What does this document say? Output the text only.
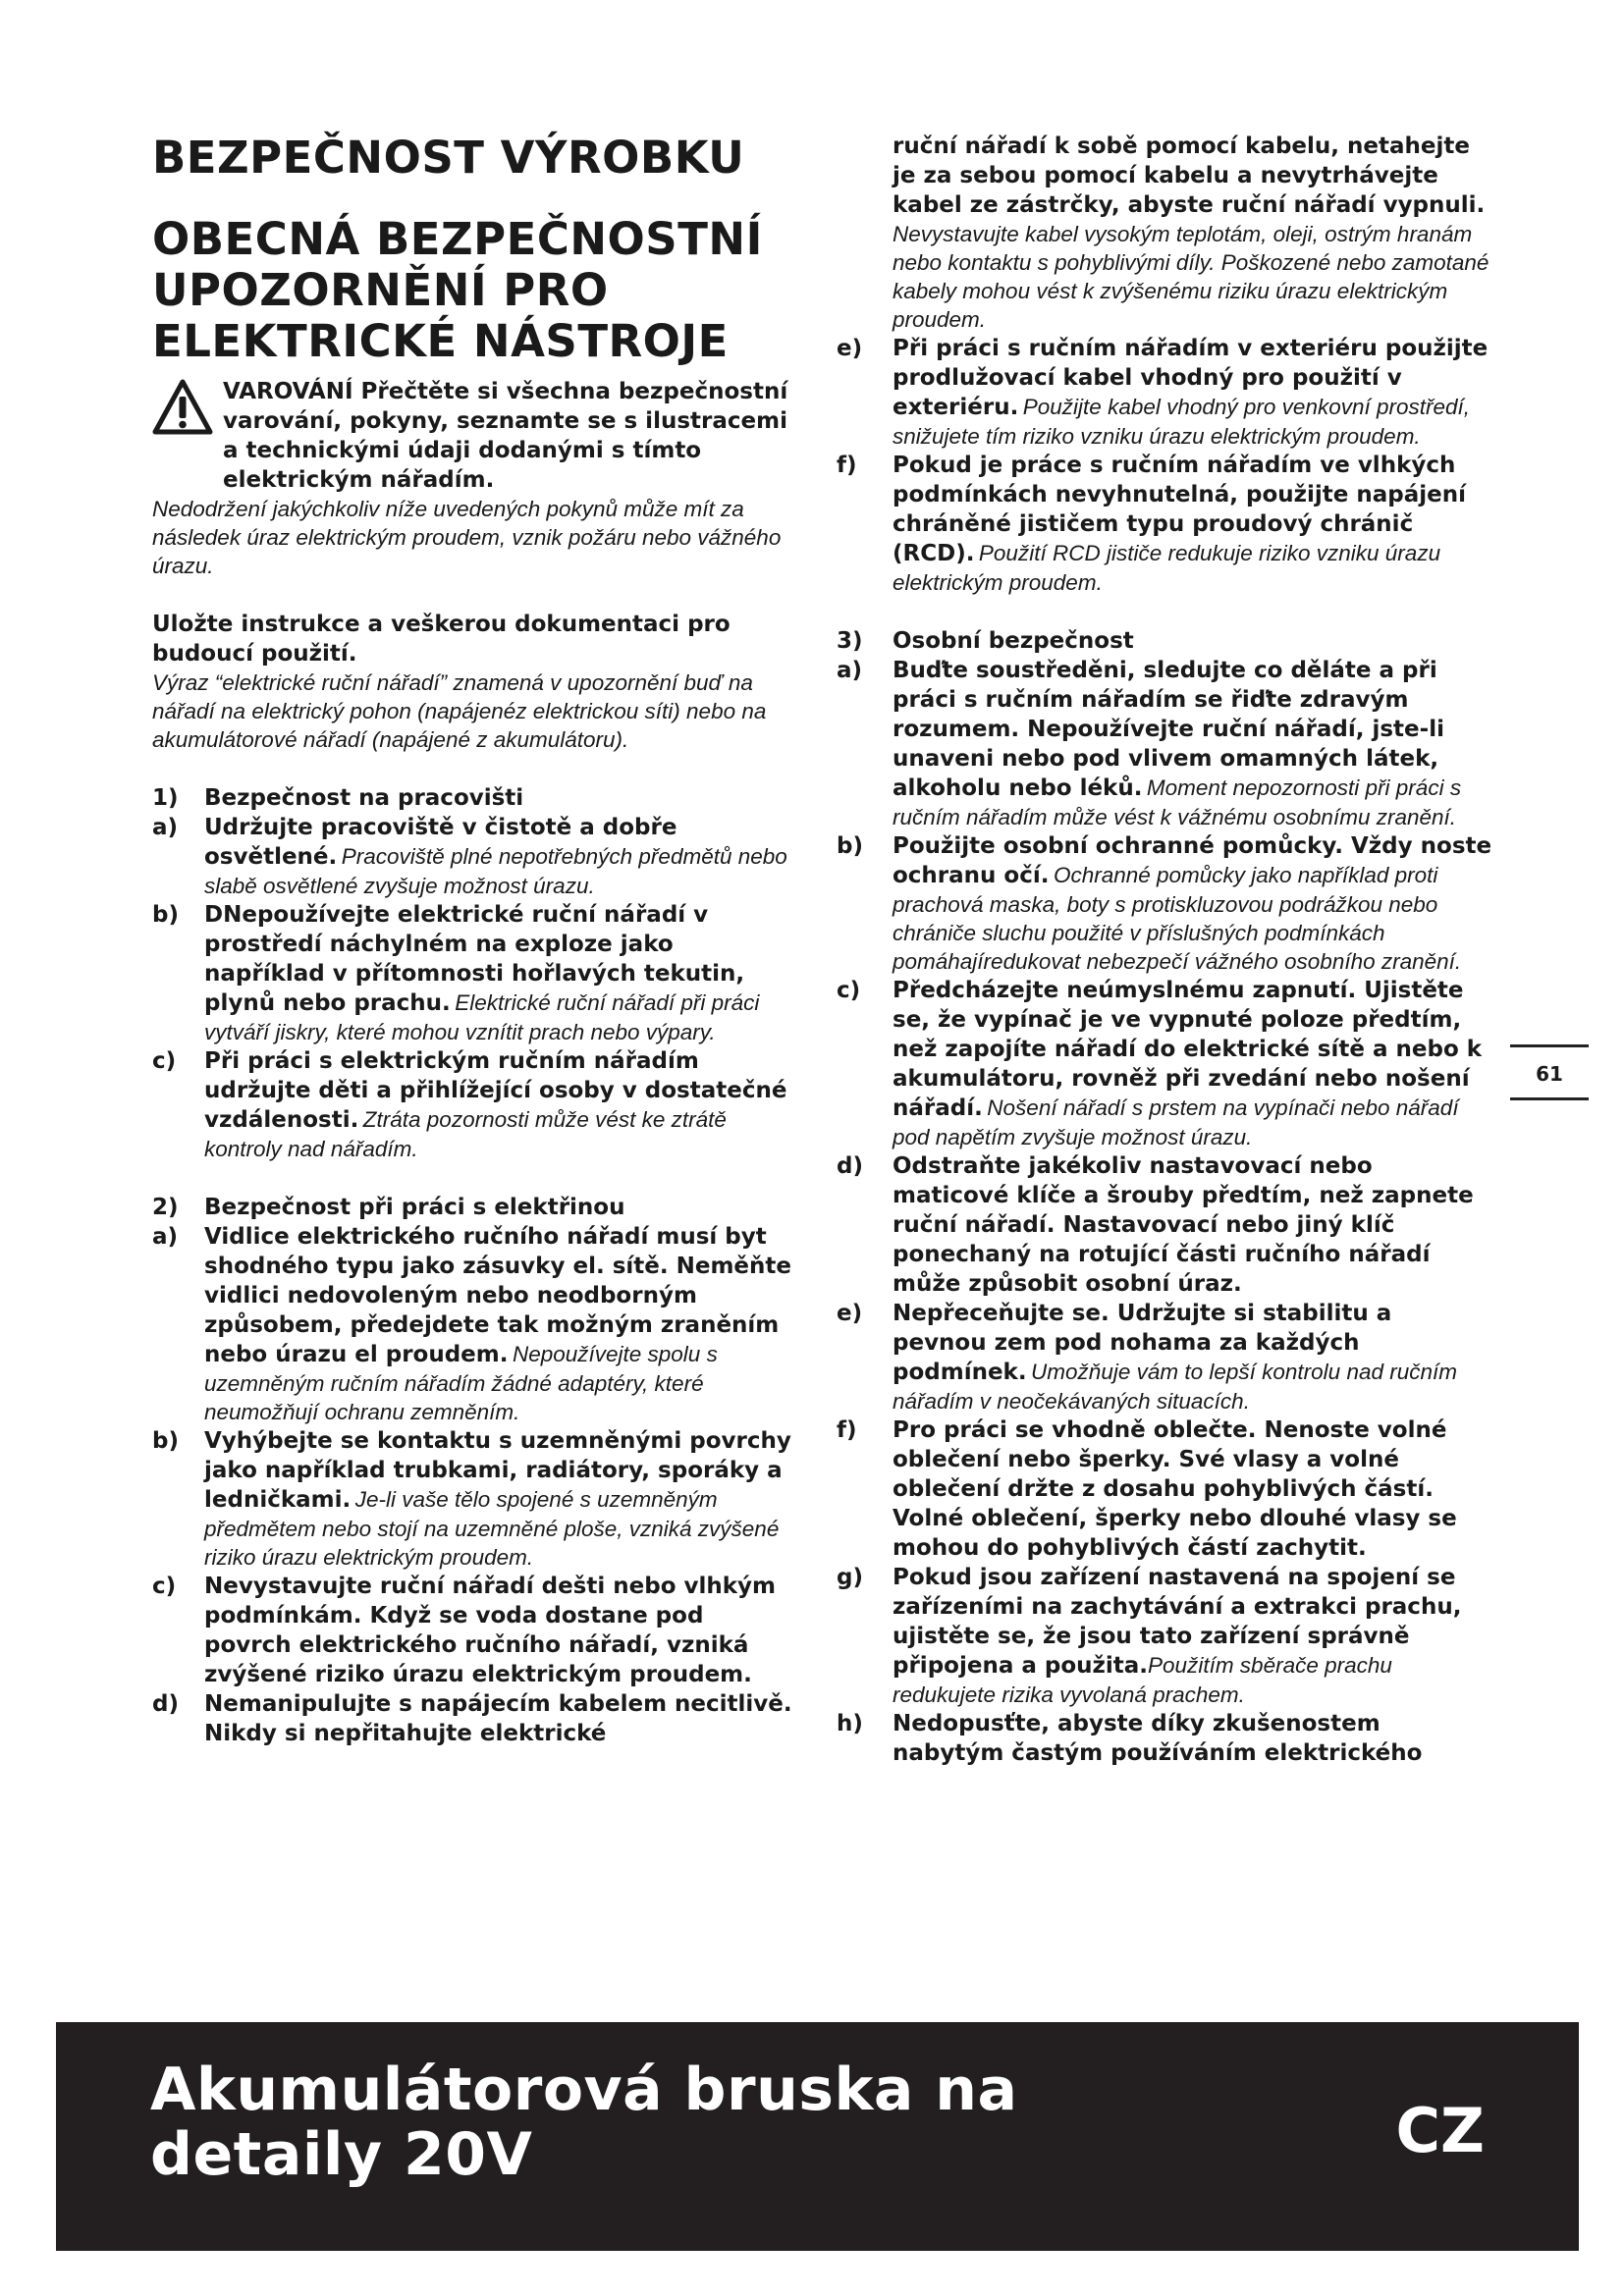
BEZPEČNOST VÝROBKU
OBECNÁ BEZPEČNOSTNÍ UPOZORNĚNÍ PRO ELEKTRICKÉ NÁSTROJE

VAROVÁNÍ Přečtěte si všechna bezpečnostní varování, pokyny, seznamte se s ilustracemi a technickými údaji dodanými s tímto elektrickým nářadím.

Nedodržení jakýchkoliv níže uvedených pokynů může mít za následek úraz elektrickým proudem, vznik požáru nebo vážného úrazu.

Uložte instrukce a veškerou dokumentaci pro budoucí použití.

Výraz “elektrické ruční nářadí” znamená v upozornění buď na nářadí na elektrický pohon (napájenéz elektrickou síti) nebo na akumulátorové nářadí (napájené z akumulátoru).

1) Bezpečnost na pracovišti
a) Udržujte pracoviště v čistotě a dobře osvětlené. Pracoviště plné nepotřebných předmětů nebo slabě osvětlené zvyšuje možnost úrazu.
b) DNepoužívejte elektrické ruční nářadí v prostředí náchylném na exploze jako například v přítomnosti hořlavých tekutin, plynů nebo prachu. Elektrické ruční nářadí při práci vytváří jiskry, které mohou vznítit prach nebo výpary.
c) Při práci s elektrickým ručním nářadím udržujte děti a přihlížející osoby v dostatečné vzdálenosti. Ztráta pozornosti může vést ke ztrátě kontroly nad nářadím.
2) Bezpečnost při práci s elektřinou
a) Vidlice elektrického ručního nářadí musí byt shodného typu jako zásuvky el. sítě. Neměňte vidlici nedovoleným nebo neodborným způsobem, předejdete tak možným zraněním nebo úrazu el proudem. Nepoužívejte spolu s uzemněným ručním nářadím žádné adaptéry, které neumožňují ochranu zemněním.
b) Vyhýbejte se kontaktu s uzemněnými povrchy jako například trubkami, radiátory, sporáky a ledničkami. Je-li vaše tělo spojené s uzemněným předmětem nebo stojí na uzemněné ploše, vzniká zvýšené riziko úrazu elektrickým proudem.
c) Nevystavujte ruční nářadí dešti nebo vlhkým podmínkám. Když se voda dostane pod povrch elektrického ručního nářadí, vzniká zvýšené riziko úrazu elektrickým proudem.
d) Nemanipulujte s napájecím kabelem necitlivě. Nikdy si nepřitahujte elektrické
ruční nářadí k sobě pomocí kabelu, netahejte je za sebou pomocí kabelu a nevytrhávejte kabel ze zástrčky, abyste ruční nářadí vypnuli. Nevystavujte kabel vysokým teplotám, oleji, ostrým hranám nebo kontaktu s pohyblivými díly. Poškozené nebo zamotané kabely mohou vést k zvýšenému riziku úrazu elektrickým proudem.
e) Při práci s ručním nářadím v exteriéru použijte prodlužovací kabel vhodný pro použití v exteriéru. Použijte kabel vhodný pro venkovní prostředí, snižujete tím riziko vzniku úrazu elektrickým proudem.
f) Pokud je práce s ručním nářadím ve vlhkých podmínkách nevyhnutelná, použijte napájení chráněné jističem typu proudový chránič (RCD). Použití RCD jističe redukuje riziko vzniku úrazu elektrickým proudem.
3) Osobní bezpečnost
a) Buďte soustředěni, sledujte co děláte a při práci s ručním nářadím se řiďte zdravým rozumem. Nepoužívejte ruční nářadí, jste-li unaveni nebo pod vlivem omamných látek, alkoholu nebo léků. Moment nepozornosti při práci s ručním nářadím může vést k vážnému osobnímu zranění.
b) Použijte osobní ochranné pomůcky. Vždy noste ochranu očí. Ochranné pomůcky jako například proti prachová maska, boty s protiskluzovou podrážkou nebo chrániče sluchu použité v příslušných podmínkách pomáhajíredukovat nebezpečí vážného osobního zranění.
c) Předcházejte neúmyslnému zapnutí. Ujistěte se, že vypínač je ve vypnuté poloze předtím, než zapojíte nářadí do elektrické sítě a nebo k akumulátoru, rovněž při zvedání nebo nošení nářadí. Nošení nářadí s prstem na vypínači nebo nářadí pod napětím zvyšuje možnost úrazu.
d) Odstraňte jakékoliv nastavovací nebo maticové klíče a šrouby předtím, než zapnete ruční nářadí. Nastavovací nebo jiný klíč ponechaný na rotující části ručního nářadí může způsobit osobní úraz.
e) Nepřeceňujte se. Udržujte si stabilitu a pevnou zem pod nohama za každých podmínek. Umožňuje vám to lepší kontrolu nad ručním nářadím v neočekávaných situacích.
f) Pro práci se vhodně oblečte. Nenoste volné oblečení nebo šperky. Své vlasy a volné oblečení držte z dosahu pohyblivých částí. Volné oblečení, šperky nebo dlouhé vlasy se mohou do pohyblivých částí zachytit.
g) Pokud jsou zařízení nastavená na spojení se zařízeními na zachytávání a extrakci prachu, ujistěte se, že jsou tato zařízení správně připojena a použita.Použitím sběrače prachu redukujete rizika vyvolaná prachem.
h) Nedopusťte, abyste díky zkušenostem nabytým častým používáním elektrického
61
Akumulátorová bruska na detaily 20V	CZ
